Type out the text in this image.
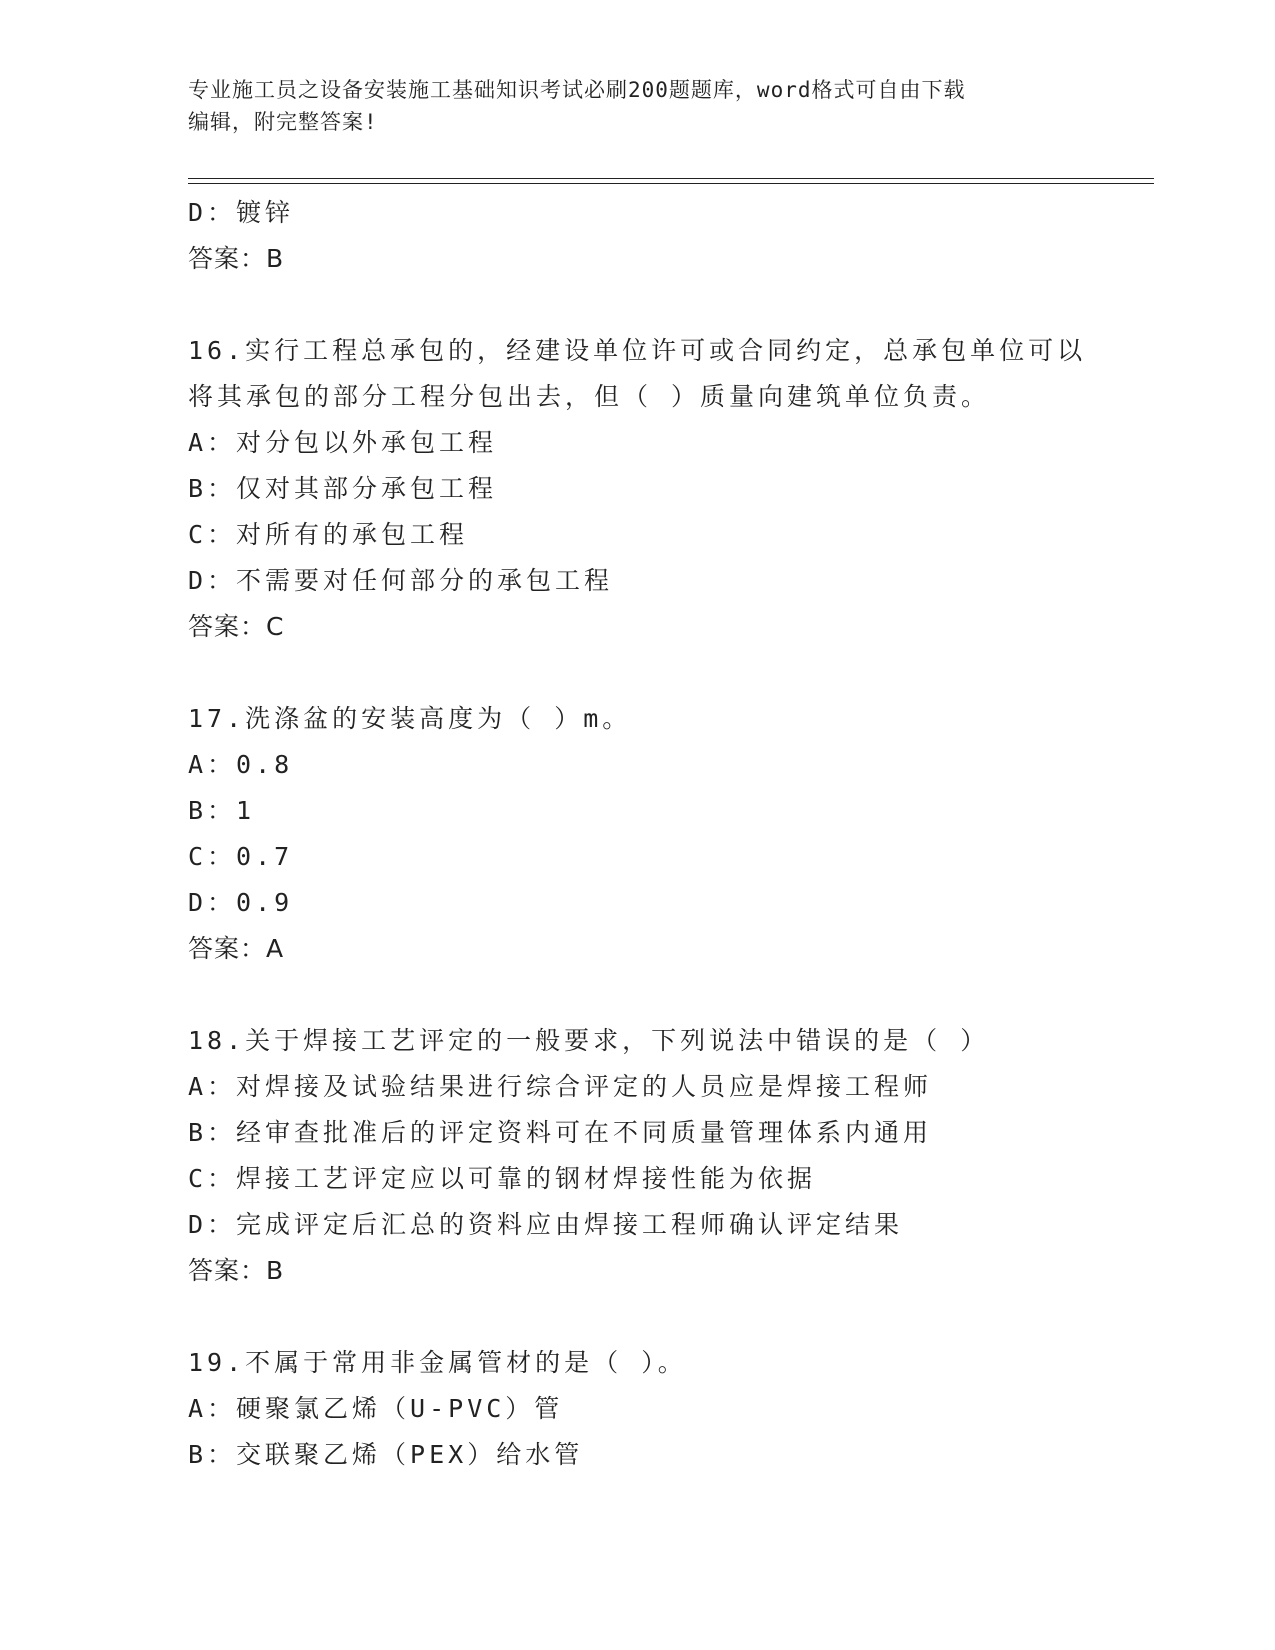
专业施工员之设备安装施工基础知识考试必刷200题题库，word格式可自由下载
编辑，附完整答案!
D：镀锌
答案：B
16.实行工程总承包的，经建设单位许可或合同约定，总承包单位可以
将其承包的部分工程分包出去，但（ ）质量向建筑单位负责。
A：对分包以外承包工程
B：仅对其部分承包工程
C：对所有的承包工程
D：不需要对任何部分的承包工程
答案：C
17.洗涤盆的安装高度为（ ）m。
A：0.8
B：1
C：0.7
D：0.9
答案：A
18.关于焊接工艺评定的一般要求，下列说法中错误的是（ ）
A：对焊接及试验结果进行综合评定的人员应是焊接工程师
B：经审查批准后的评定资料可在不同质量管理体系内通用
C：焊接工艺评定应以可靠的钢材焊接性能为依据
D：完成评定后汇总的资料应由焊接工程师确认评定结果
答案：B
19.不属于常用非金属管材的是（ ）。
A：硬聚氯乙烯（U-PVC）管
B：交联聚乙烯（PEX）给水管
